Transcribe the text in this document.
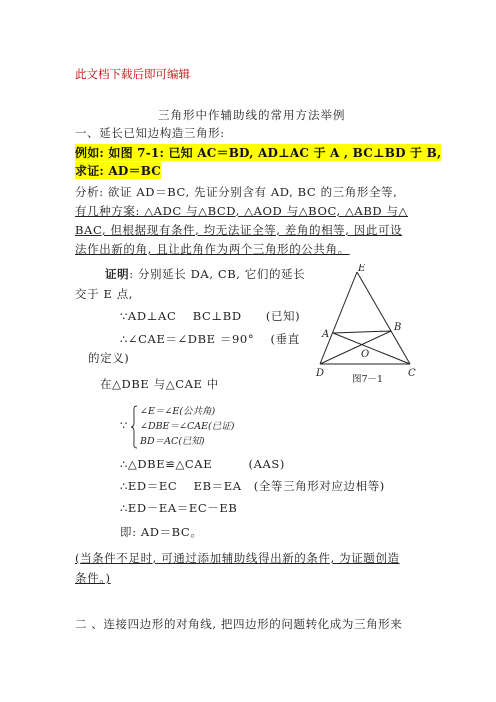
此文档下载后即可编辑
三角形中作辅助线的常用方法举例
一、延长已知边构造三角形:
例如: 如图 7-1: 已知 AC＝BD, AD⊥AC 于 A , BC⊥BD 于 B,
求证: AD＝BC
分析: 欲证 AD＝BC, 先证分别含有 AD, BC 的三角形全等,
有几种方案: △ADC 与△BCD, △AOD 与△BOC, △ABD 与△
BAC, 但根据现有条件, 均无法证全等, 差角的相等, 因此可设
法作出新的角, 且让此角作为两个三角形的公共角。
证明: 分别延长 DA, CB, 它们的延长
交于 E 点,
∵AD⊥AC　 BC⊥BD　　(已知)
∴∠CAE＝∠DBE ＝90°　 (垂直
的定义)
在△DBE 与△CAE 中
∵
∠E＝∠E(公共角)
∠DBE＝∠CAE(已证)
BD＝AC(已知)
∴△DBE≌△CAE　　　(AAS)
∴ED＝EC　 EB＝EA　(全等三角形对应边相等)
∴ED－EA＝EC－EB
即: AD＝BC。
(当条件不足时, 可通过添加辅助线得出新的条件, 为证题创造
条件。)
二 、连接四边形的对角线, 把四边形的问题转化成为三角形来
E
A
B
O
D	C
图7－1
